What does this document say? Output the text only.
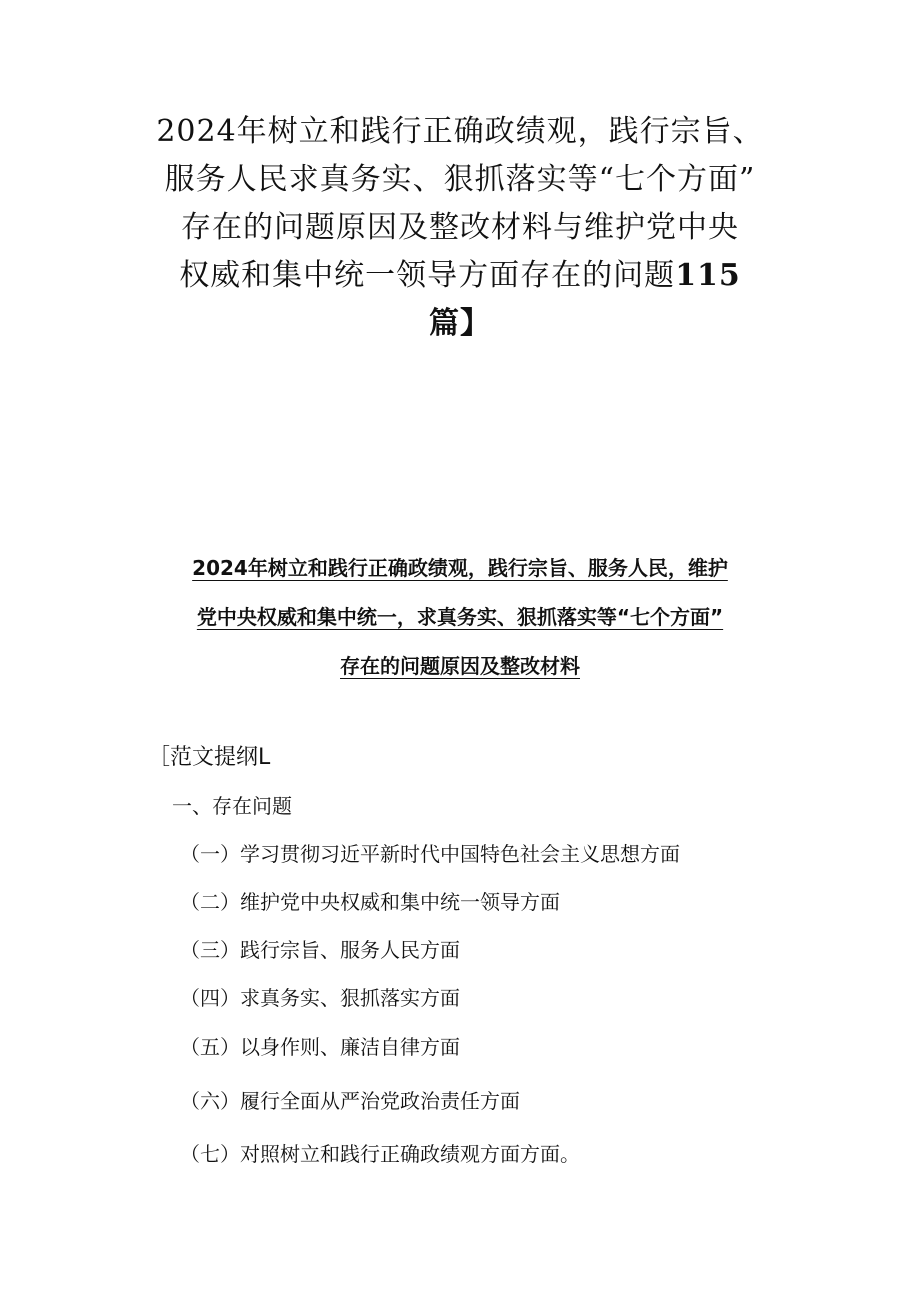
2024年树立和践行正确政绩观，践行宗旨、
服务人民求真务实、狠抓落实等“七个方面”
存在的问题原因及整改材料与维护党中央
权威和集中统一领导方面存在的问题115
篇】
2024年树立和践行正确政绩观，践行宗旨、服务人民，维护
党中央权威和集中统一，求真务实、狠抓落实等“七个方面”
存在的问题原因及整改材料
［范文提纲L
一、存在问题
（一）学习贯彻习近平新时代中国特色社会主义思想方面
（二）维护党中央权威和集中统一领导方面
（三）践行宗旨、服务人民方面
（四）求真务实、狠抓落实方面
（五）以身作则、廉洁自律方面
（六）履行全面从严治党政治责任方面
（七）对照树立和践行正确政绩观方面方面。
